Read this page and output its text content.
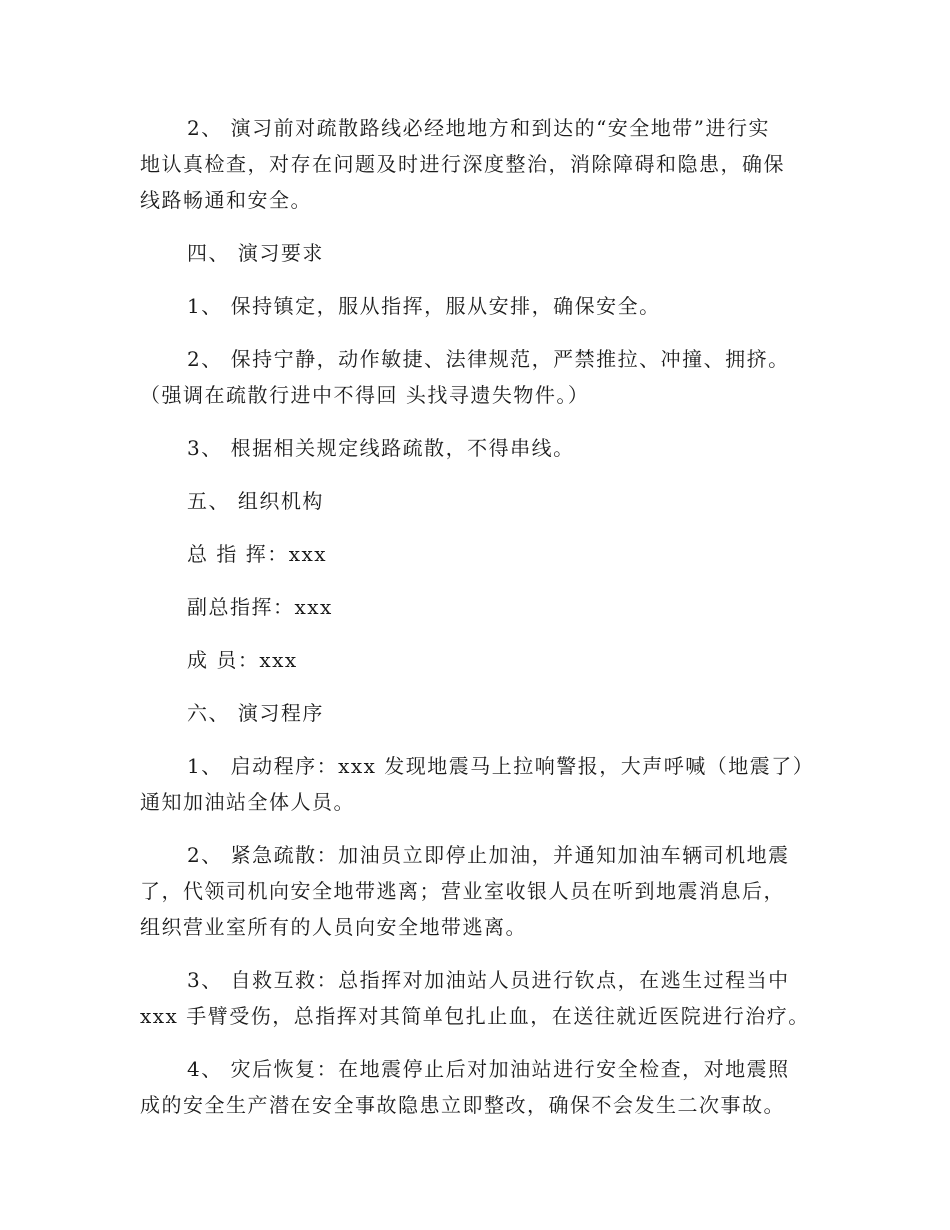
2、 演习前对疏散路线必经地地方和到达的“安全地带”进行实
地认真检查，对存在问题及时进行深度整治，消除障碍和隐患，确保
线路畅通和安全。
四、 演习要求
1、 保持镇定，服从指挥，服从安排，确保安全。
2、 保持宁静，动作敏捷、法律规范，严禁推拉、冲撞、拥挤。
（强调在疏散行进中不得回 头找寻遗失物件。）
3、 根据相关规定线路疏散，不得串线。
五、 组织机构
总 指 挥：xxx
副总指挥：xxx
成 员：xxx
六、 演习程序
1、 启动程序：xxx 发现地震马上拉响警报，大声呼喊（地震了）
通知加油站全体人员。
2、 紧急疏散：加油员立即停止加油，并通知加油车辆司机地震
了，代领司机向安全地带逃离；营业室收银人员在听到地震消息后，
组织营业室所有的人员向安全地带逃离。
3、 自救互救：总指挥对加油站人员进行钦点，在逃生过程当中
xxx 手臂受伤，总指挥对其简单包扎止血，在送往就近医院进行治疗。
4、 灾后恢复：在地震停止后对加油站进行安全检查，对地震照
成的安全生产潜在安全事故隐患立即整改，确保不会发生二次事故。
